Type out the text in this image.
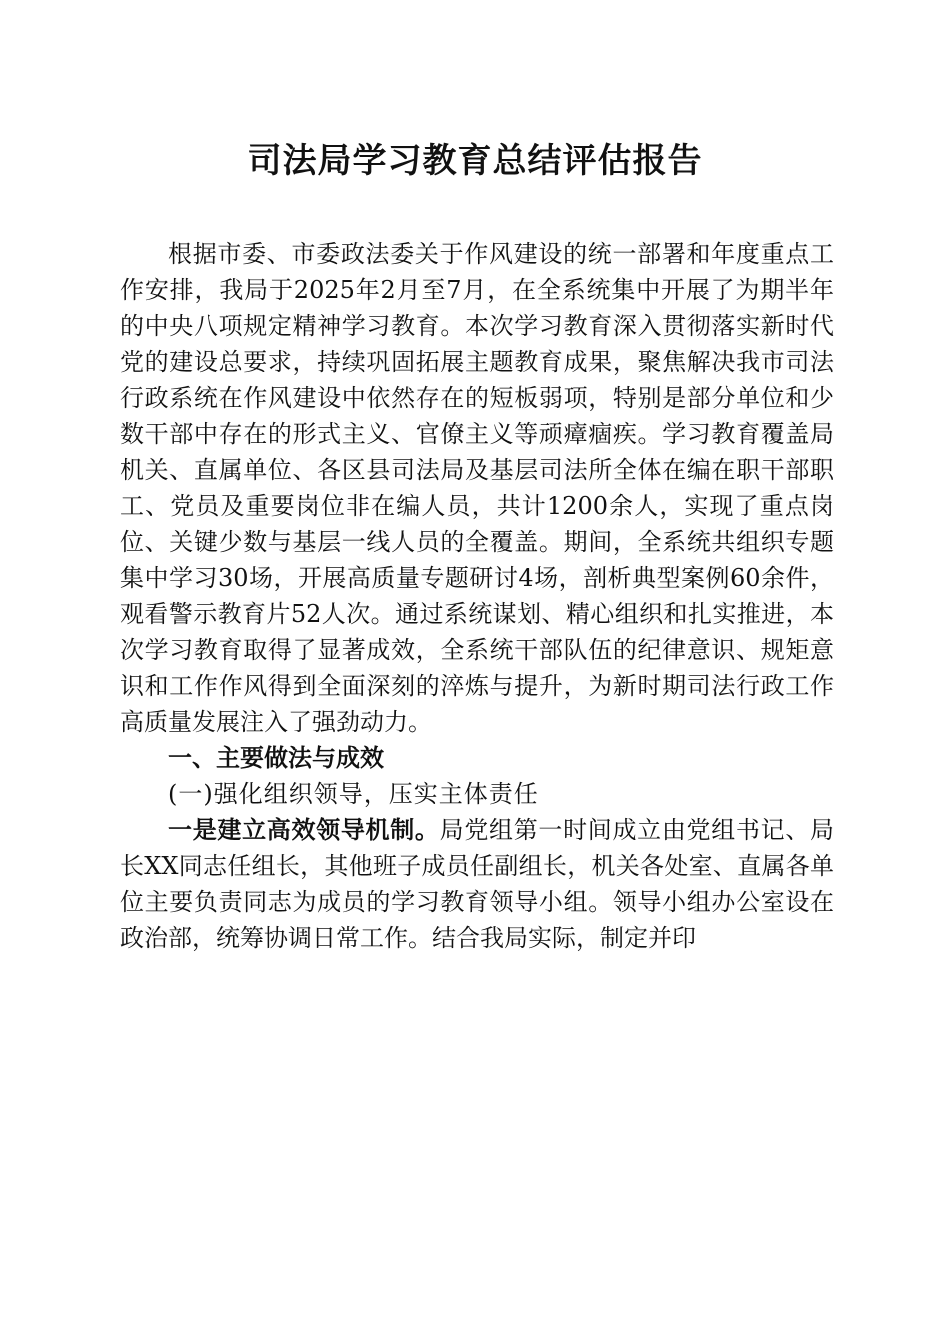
司法局学习教育总结评估报告

根据市委、市委政法委关于作风建设的统一部署和年度重点工作安排，我局于2025年2月至7月，在全系统集中开展了为期半年的中央八项规定精神学习教育。本次学习教育深入贯彻落实新时代党的建设总要求，持续巩固拓展主题教育成果，聚焦解决我市司法行政系统在作风建设中依然存在的短板弱项，特别是部分单位和少数干部中存在的形式主义、官僚主义等顽瘴痼疾。学习教育覆盖局机关、直属单位、各区县司法局及基层司法所全体在编在职干部职工、党员及重要岗位非在编人员，共计1200余人，实现了重点岗位、关键少数与基层一线人员的全覆盖。期间，全系统共组织专题集中学习30场，开展高质量专题研讨4场，剖析典型案例60余件，观看警示教育片52人次。通过系统谋划、精心组织和扎实推进，本次学习教育取得了显著成效，全系统干部队伍的纪律意识、规矩意识和工作作风得到全面深刻的淬炼与提升，为新时期司法行政工作高质量发展注入了强劲动力。

一、主要做法与成效

(一)强化组织领导，压实主体责任

一是建立高效领导机制。局党组第一时间成立由党组书记、局长XX同志任组长，其他班子成员任副组长，机关各处室、直属各单位主要负责同志为成员的学习教育领导小组。领导小组办公室设在政治部，统筹协调日常工作。结合我局实际，制定并印
